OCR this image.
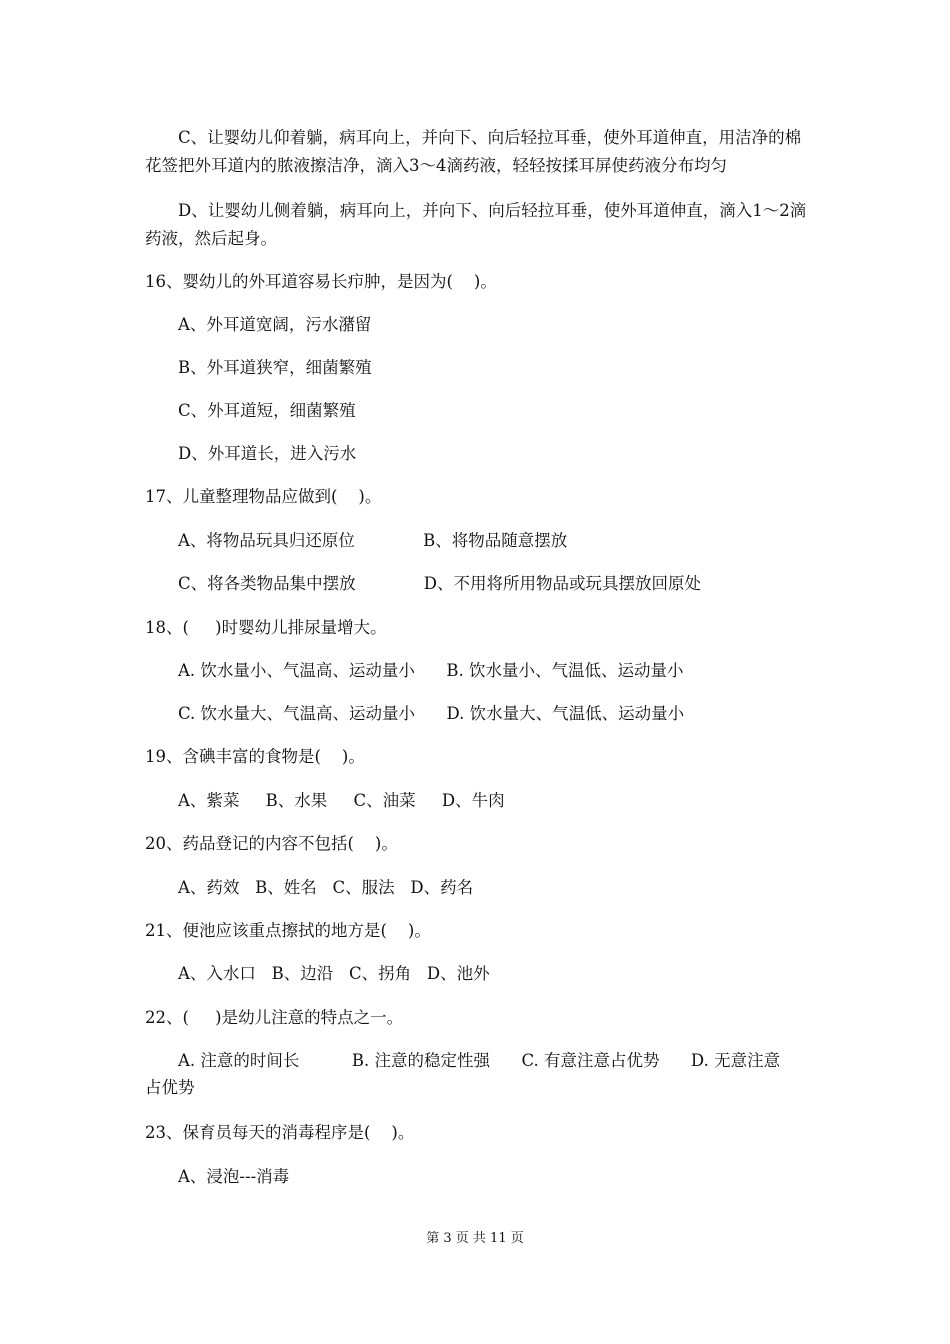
C、让婴幼儿仰着躺，病耳向上，并向下、向后轻拉耳垂，使外耳道伸直，用洁净的棉
花签把外耳道内的脓液擦洁净，滴入3～4滴药液，轻轻按揉耳屏使药液分布均匀
D、让婴幼儿侧着躺，病耳向上，并向下、向后轻拉耳垂，使外耳道伸直，滴入1～2滴
药液，然后起身。
16、婴幼儿的外耳道容易长疖肿，是因为(    )。
A、外耳道宽阔，污水潴留
B、外耳道狭窄，细菌繁殖
C、外耳道短，细菌繁殖
D、外耳道长，进入污水
17、儿童整理物品应做到(    )。
A、将物品玩具归还原位             B、将物品随意摆放
C、将各类物品集中摆放             D、不用将所用物品或玩具摆放回原处
18、(     )时婴幼儿排尿量增大。
A. 饮水量小、气温高、运动量小      B. 饮水量小、气温低、运动量小
C. 饮水量大、气温高、运动量小      D. 饮水量大、气温低、运动量小
19、含碘丰富的食物是(    )。
A、紫菜     B、水果     C、油菜     D、牛肉
20、药品登记的内容不包括(    )。
A、药效   B、姓名   C、服法   D、药名
21、便池应该重点擦拭的地方是(    )。
A、入水口   B、边沿   C、拐角   D、池外
22、(     )是幼儿注意的特点之一。
A. 注意的时间长          B. 注意的稳定性强      C. 有意注意占优势      D. 无意注意
占优势
23、保育员每天的消毒程序是(    )。
A、浸泡---消毒
第 3 页 共 11 页
